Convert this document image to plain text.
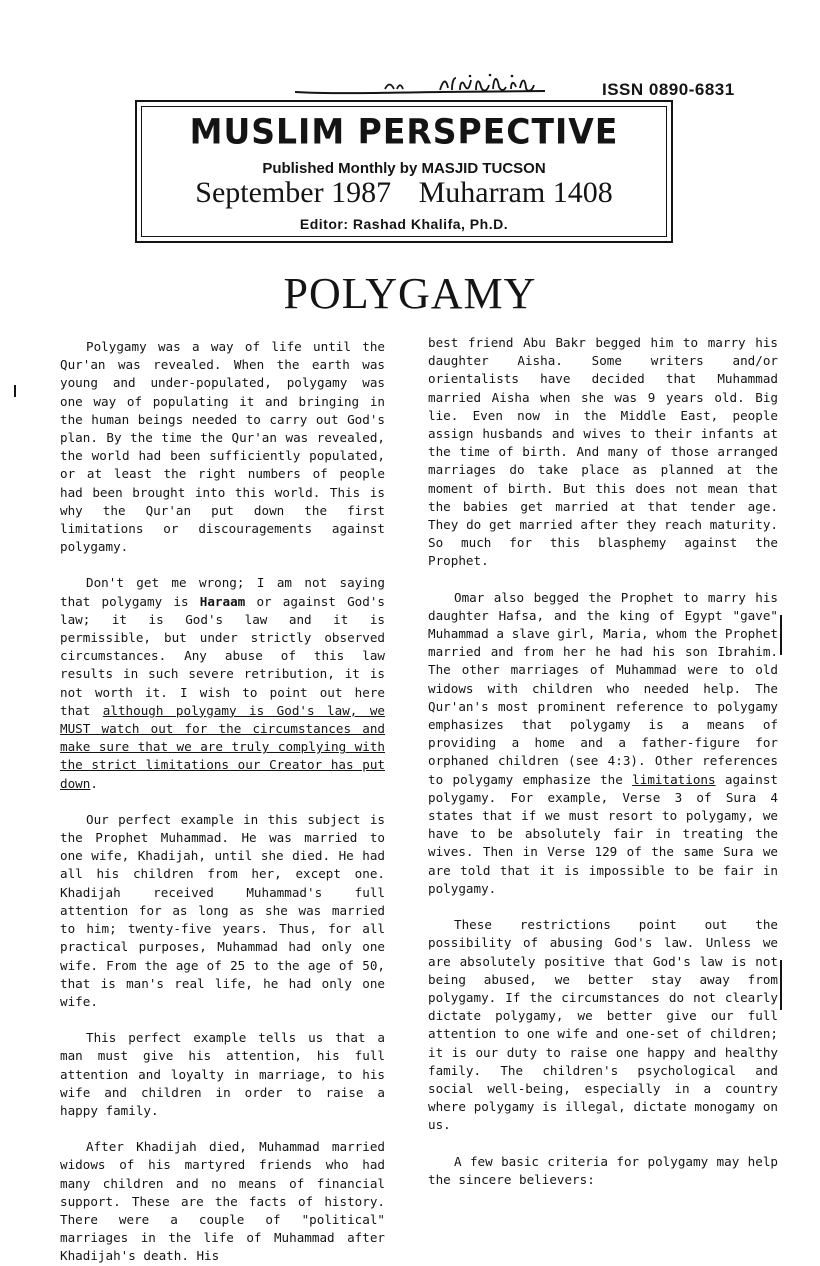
ISSN 0890-6831
MUSLIM PERSPECTIVE
Published Monthly by MASJID TUCSON
September 1987 Muharram 1408
Editor: Rashad Khalifa, Ph.D.
POLYGAMY

Polygamy was a way of life until the Qur'an was revealed. When the earth was young and under-populated, polygamy was one way of populating it and bringing in the human beings needed to carry out God's plan. By the time the Qur'an was revealed, the world had been sufficiently populated, or at least the right numbers of people had been brought into this world. This is why the Qur'an put down the first limitations or discouragements against polygamy.

Don't get me wrong; I am not saying that polygamy is Haraam or against God's law; it is God's law and it is permissible, but under strictly observed circumstances. Any abuse of this law results in such severe retribution, it is not worth it. I wish to point out here that although polygamy is God's law, we MUST watch out for the circumstances and make sure that we are truly complying with the strict limitations our Creator has put down.

Our perfect example in this subject is the Prophet Muhammad. He was married to one wife, Khadijah, until she died. He had all his children from her, except one. Khadijah received Muhammad's full attention for as long as she was married to him; twenty-five years. Thus, for all practical purposes, Muhammad had only one wife. From the age of 25 to the age of 50, that is man's real life, he had only one wife.

This perfect example tells us that a man must give his attention, his full attention and loyalty in marriage, to his wife and children in order to raise a happy family.

After Khadijah died, Muhammad married widows of his martyred friends who had many children and no means of financial support. These are the facts of history. There were a couple of "political" marriages in the life of Muhammad after Khadijah's death. His

best friend Abu Bakr begged him to marry his daughter Aisha. Some writers and/or orientalists have decided that Muhammad married Aisha when she was 9 years old. Big lie. Even now in the Middle East, people assign husbands and wives to their infants at the time of birth. And many of those arranged marriages do take place as planned at the moment of birth. But this does not mean that the babies get married at that tender age. They do get married after they reach maturity. So much for this blasphemy against the Prophet.

Omar also begged the Prophet to marry his daughter Hafsa, and the king of Egypt "gave" Muhammad a slave girl, Maria, whom the Prophet married and from her he had his son Ibrahim. The other marriages of Muhammad were to old widows with children who needed help. The Qur'an's most prominent reference to polygamy emphasizes that polygamy is a means of providing a home and a father-figure for orphaned children (see 4:3). Other references to polygamy emphasize the limitations against polygamy. For example, Verse 3 of Sura 4 states that if we must resort to polygamy, we have to be absolutely fair in treating the wives. Then in Verse 129 of the same Sura we are told that it is impossible to be fair in polygamy.

These restrictions point out the possibility of abusing God's law. Unless we are absolutely positive that God's law is not being abused, we better stay away from polygamy. If the circumstances do not clearly dictate polygamy, we better give our full attention to one wife and one-set of children; it is our duty to raise one happy and healthy family. The children's psychological and social well-being, especially in a country where polygamy is illegal, dictate monogamy on us.

A few basic criteria for polygamy may help the sincere believers:
